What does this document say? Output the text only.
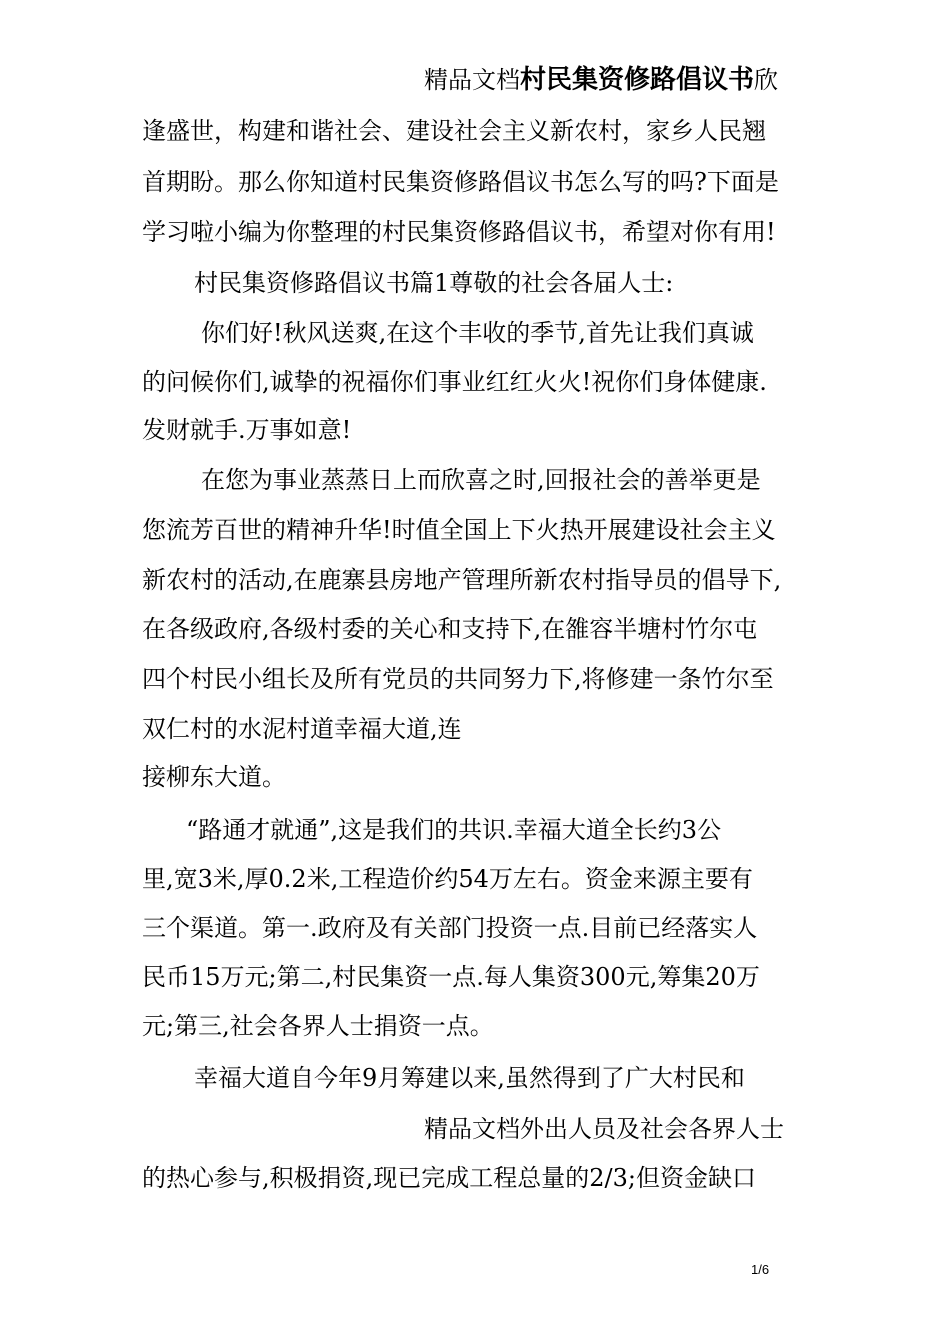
精品文档村民集资修路倡议书欣
逢盛世，构建和谐社会、建设社会主义新农村，家乡人民翘
首期盼。那么你知道村民集资修路倡议书怎么写的吗?下面是
学习啦小编为你整理的村民集资修路倡议书，希望对你有用!
村民集资修路倡议书篇1尊敬的社会各届人士:
你们好!秋风送爽,在这个丰收的季节,首先让我们真诚
的问候你们,诚挚的祝福你们事业红红火火!祝你们身体健康.
发财就手.万事如意!
在您为事业蒸蒸日上而欣喜之时,回报社会的善举更是
您流芳百世的精神升华!时值全国上下火热开展建设社会主义
新农村的活动,在鹿寨县房地产管理所新农村指导员的倡导下,
在各级政府,各级村委的关心和支持下,在雒容半塘村竹尔屯
四个村民小组长及所有党员的共同努力下,将修建一条竹尔至
双仁村的水泥村道幸福大道,连
接柳东大道。
“路通才就通”,这是我们的共识.幸福大道全长约3公
里,宽3米,厚0.2米,工程造价约54万左右。资金来源主要有
三个渠道。第一.政府及有关部门投资一点.目前已经落实人
民币15万元;第二,村民集资一点.每人集资300元,筹集20万
元;第三,社会各界人士捐资一点。
幸福大道自今年9月筹建以来,虽然得到了广大村民和
精品文档外出人员及社会各界人士
的热心参与,积极捐资,现已完成工程总量的2/3;但资金缺口
1/6
